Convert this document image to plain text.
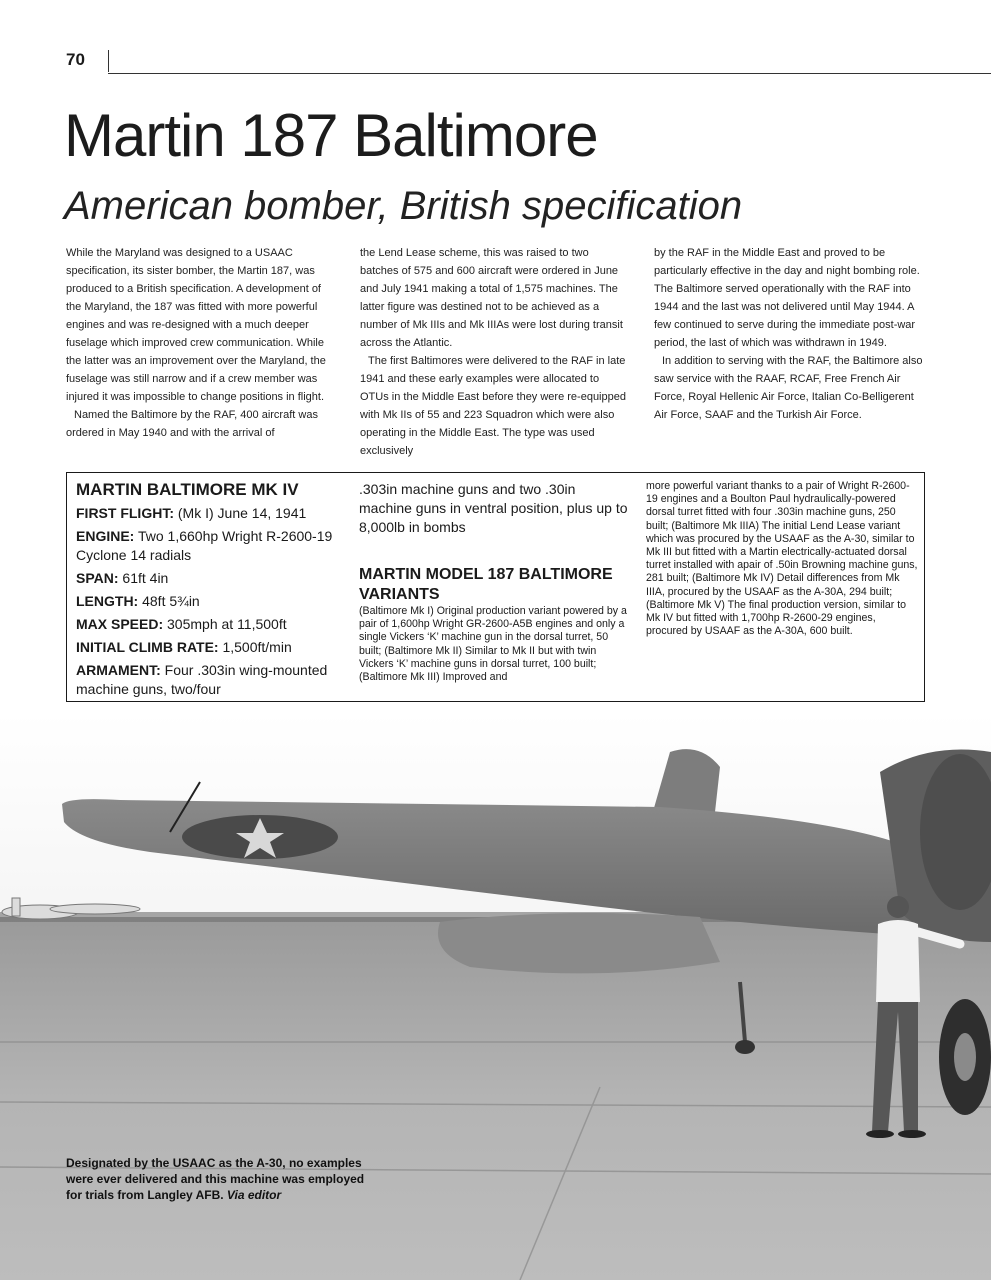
70
Martin 187 Baltimore
American bomber, British specification

While the Maryland was designed to a USAAC specification, its sister bomber, the Martin 187, was produced to a British specification. A development of the Maryland, the 187 was fitted with more powerful engines and was re-designed with a much deeper fuselage which improved crew communication. While the latter was an improvement over the Maryland, the fuselage was still narrow and if a crew member was injured it was impossible to change positions in flight.

Named the Baltimore by the RAF, 400 aircraft was ordered in May 1940 and with the arrival of

the Lend Lease scheme, this was raised to two batches of 575 and 600 aircraft were ordered in June and July 1941 making a total of 1,575 machines. The latter figure was destined not to be achieved as a number of Mk IIIs and Mk IIIAs were lost during transit across the Atlantic.

The first Baltimores were delivered to the RAF in late 1941 and these early examples were allocated to OTUs in the Middle East before they were re-equipped with Mk IIs of 55 and 223 Squadron which were also operating in the Middle East. The type was used exclusively

by the RAF in the Middle East and proved to be particularly effective in the day and night bombing role. The Baltimore served operationally with the RAF into 1944 and the last was not delivered until May 1944. A few continued to serve during the immediate post-war period, the last of which was withdrawn in 1949.

In addition to serving with the RAF, the Baltimore also saw service with the RAAF, RCAF, Free French Air Force, Royal Hellenic Air Force, Italian Co-Belligerent Air Force, SAAF and the Turkish Air Force.

MARTIN BALTIMORE MK IV
FIRST FLIGHT: (Mk I) June 14, 1941
ENGINE: Two 1,660hp Wright R-2600-19 Cyclone 14 radials
SPAN: 61ft 4in
LENGTH: 48ft 5¾in
MAX SPEED: 305mph at 11,500ft
INITIAL CLIMB RATE: 1,500ft/min
ARMAMENT: Four .303in wing-mounted machine guns, two/four

.303in machine guns and two .30in machine guns in ventral position, plus up to 8,000lb in bombs

MARTIN MODEL 187 BALTIMORE VARIANTS

(Baltimore Mk I) Original production variant powered by a pair of 1,600hp Wright GR-2600-A5B engines and only a single Vickers ‘K’ machine gun in the dorsal turret, 50 built; (Baltimore Mk II) Similar to Mk II but with twin Vickers ‘K’ machine guns in dorsal turret, 100 built; (Baltimore Mk III) Improved and

more powerful variant thanks to a pair of Wright R-2600-19 engines and a Boulton Paul hydraulically-powered dorsal turret fitted with four .303in machine guns, 250 built; (Baltimore Mk IIIA) The initial Lend Lease variant which was procured by the USAAF as the A-30, similar to Mk III but fitted with a Martin electrically-actuated dorsal turret installed with apair of .50in Browning machine guns, 281 built; (Baltimore Mk IV) Detail differences from Mk IIIA, procured by the USAAF as the A-30A, 294 built; (Baltimore Mk V) The final production version, similar to Mk IV but fitted with 1,700hp R-2600-29 engines, procured by USAAF as the A-30A, 600 built.

Designated by the USAAC as the A-30, no examples were ever delivered and this machine was employed for trials from Langley AFB. Via editor
